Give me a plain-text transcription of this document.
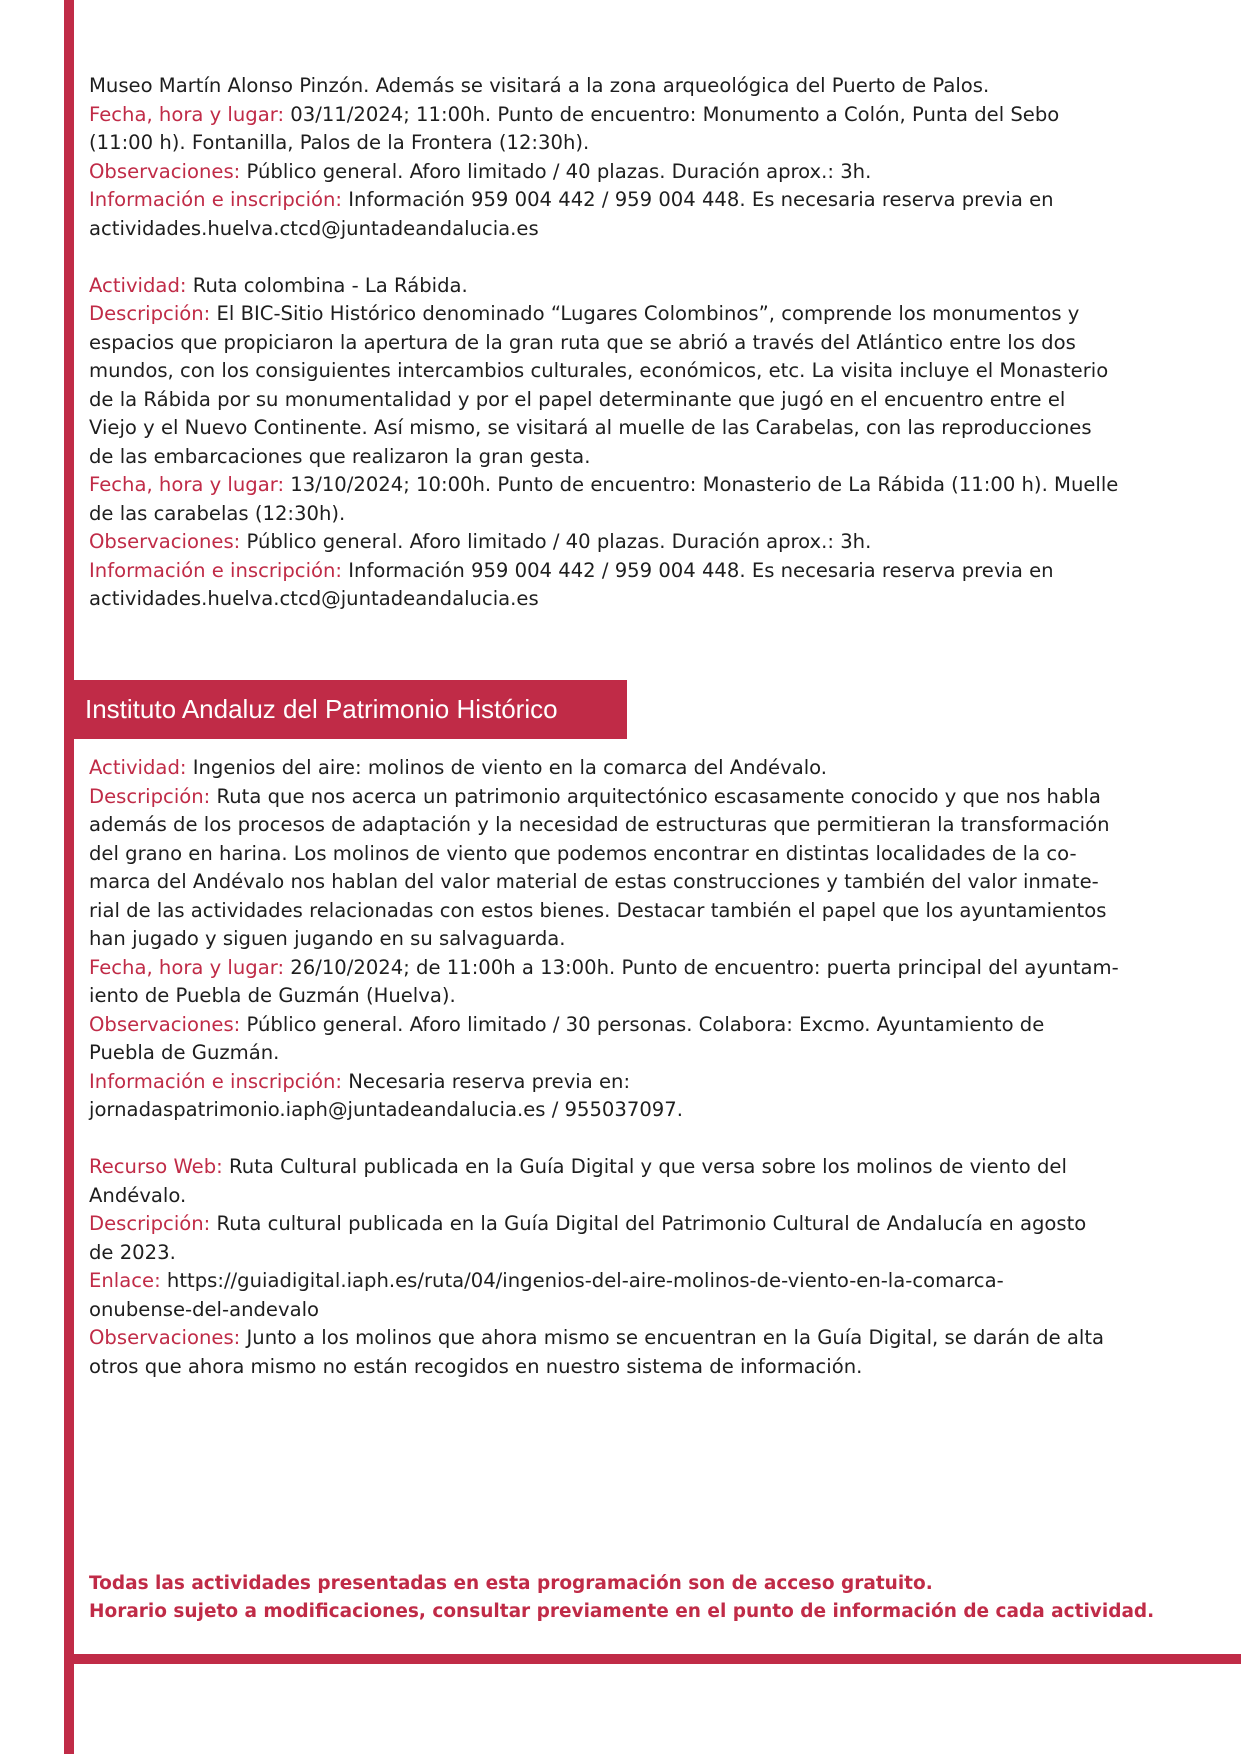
Museo Martín Alonso Pinzón. Además se visitará a la zona arqueológica del Puerto de Palos.

Fecha, hora y lugar: 03/11/2024; 11:00h. Punto de encuentro: Monumento a Colón, Punta del Sebo
(11:00 h). Fontanilla, Palos de la Frontera (12:30h).

Observaciones: Público general. Aforo limitado / 40 plazas. Duración aprox.: 3h.

Información e inscripción: Información 959 004 442 / 959 004 448. Es necesaria reserva previa en
actividades.huelva.ctcd@juntadeandalucia.es

Actividad: Ruta colombina - La Rábida.

Descripción: El BIC-Sitio Histórico denominado “Lugares Colombinos”, comprende los monumentos y
espacios que propiciaron la apertura de la gran ruta que se abrió a través del Atlántico entre los dos
mundos, con los consiguientes intercambios culturales, económicos, etc. La visita incluye el Monasterio
de la Rábida por su monumentalidad y por el papel determinante que jugó en el encuentro entre el
Viejo y el Nuevo Continente. Así mismo, se visitará al muelle de las Carabelas, con las reproducciones
de las embarcaciones que realizaron la gran gesta.

Fecha, hora y lugar: 13/10/2024; 10:00h. Punto de encuentro: Monasterio de La Rábida (11:00 h). Muelle
de las carabelas (12:30h).

Observaciones: Público general. Aforo limitado / 40 plazas. Duración aprox.: 3h.

Información e inscripción: Información 959 004 442 / 959 004 448. Es necesaria reserva previa en
actividades.huelva.ctcd@juntadeandalucia.es

Instituto Andaluz del Patrimonio Histórico

Actividad: Ingenios del aire: molinos de viento en la comarca del Andévalo.

Descripción: Ruta que nos acerca un patrimonio arquitectónico escasamente conocido y que nos habla
además de los procesos de adaptación y la necesidad de estructuras que permitieran la transformación
del grano en harina. Los molinos de viento que podemos encontrar en distintas localidades de la co-
marca del Andévalo nos hablan del valor material de estas construcciones y también del valor inmate-
rial de las actividades relacionadas con estos bienes. Destacar también el papel que los ayuntamientos
han jugado y siguen jugando en su salvaguarda.

Fecha, hora y lugar: 26/10/2024; de 11:00h a 13:00h. Punto de encuentro: puerta principal del ayuntam-
iento de Puebla de Guzmán (Huelva).

Observaciones: Público general. Aforo limitado / 30 personas. Colabora: Excmo. Ayuntamiento de
Puebla de Guzmán.

Información e inscripción: Necesaria reserva previa en:
jornadaspatrimonio.iaph@juntadeandalucia.es / 955037097.

Recurso Web: Ruta Cultural publicada en la Guía Digital y que versa sobre los molinos de viento del
Andévalo.

Descripción: Ruta cultural publicada en la Guía Digital del Patrimonio Cultural de Andalucía en agosto
de 2023.

Enlace: https://guiadigital.iaph.es/ruta/04/ingenios-del-aire-molinos-de-viento-en-la-comarca-
onubense-del-andevalo

Observaciones: Junto a los molinos que ahora mismo se encuentran en la Guía Digital, se darán de alta
otros que ahora mismo no están recogidos en nuestro sistema de información.

Todas las actividades presentadas en esta programación son de acceso gratuito.
Horario sujeto a modificaciones, consultar previamente en el punto de información de cada actividad.
